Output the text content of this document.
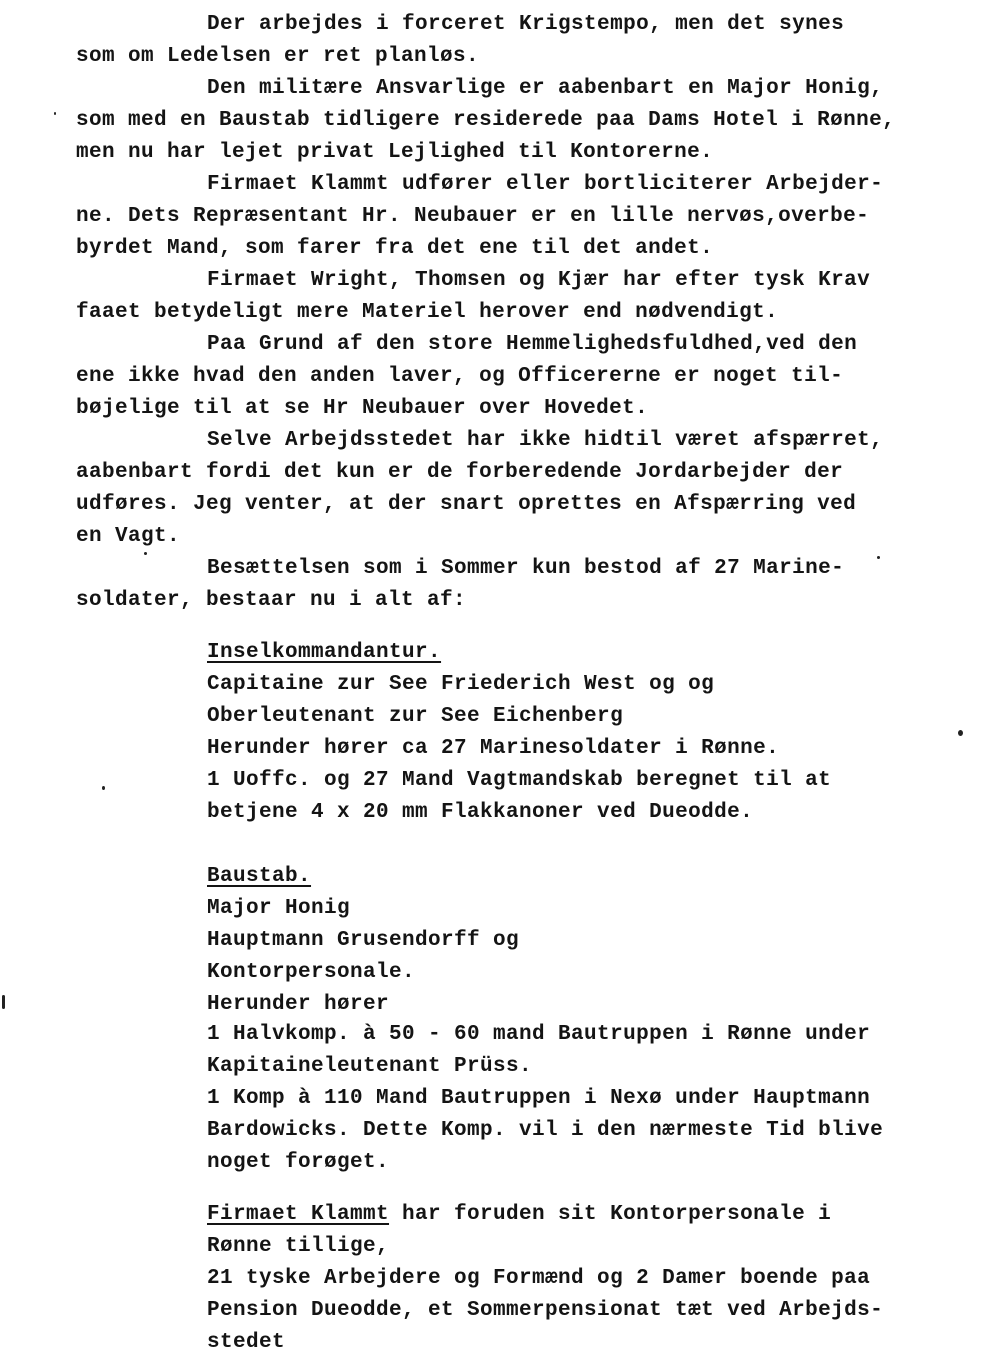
Der arbejdes i forceret Krigstempo, men det synes
som om Ledelsen er ret planløs.
Den militære Ansvarlige er aabenbart en Major Honig,
som med en Baustab tidligere residerede paa Dams Hotel i Rønne,
men nu har lejet privat Lejlighed til Kontorerne.
Firmaet Klammt udfører eller bortliciterer Arbejder-
ne. Dets Repræsentant Hr. Neubauer er en lille nervøs,overbe-
byrdet Mand, som farer fra det ene til det andet.
Firmaet Wright, Thomsen og Kjær har efter tysk Krav
faaet betydeligt mere Materiel herover end nødvendigt.
Paa Grund af den store Hemmelighedsfuldhed,ved den
ene ikke hvad den anden laver, og Officererne er noget til-
bøjelige til at se Hr Neubauer over Hovedet.
Selve Arbejdsstedet har ikke hidtil været afspærret,
aabenbart fordi det kun er de forberedende Jordarbejder der
udføres. Jeg venter, at der snart oprettes en Afspærring ved
en Vagt.
Besættelsen som i Sommer kun bestod af 27 Marine-
soldater, bestaar nu i alt af:
Inselkommandantur.
Capitaine zur See Friederich West og og
Oberleutenant zur See Eichenberg
Herunder hører ca 27 Marinesoldater i Rønne.
1 Uoffc. og 27 Mand Vagtmandskab beregnet til at
betjene 4 x 20 mm Flakkanoner ved Dueodde.
Baustab.
Major Honig
Hauptmann Grusendorff og
Kontorpersonale.
Herunder hører
1 Halvkomp. à 50 - 60 mand Bautruppen i Rønne under
Kapitaineleutenant Prüss.
1 Komp à 110 Mand Bautruppen i Nexø under Hauptmann
Bardowicks. Dette Komp. vil i den nærmeste Tid blive
noget forøget.
Firmaet Klammt har foruden sit Kontorpersonale i
Rønne tillige,
21 tyske Arbejdere og Formænd og 2 Damer boende paa
Pension Dueodde, et Sommerpensionat tæt ved Arbejds-
stedet
